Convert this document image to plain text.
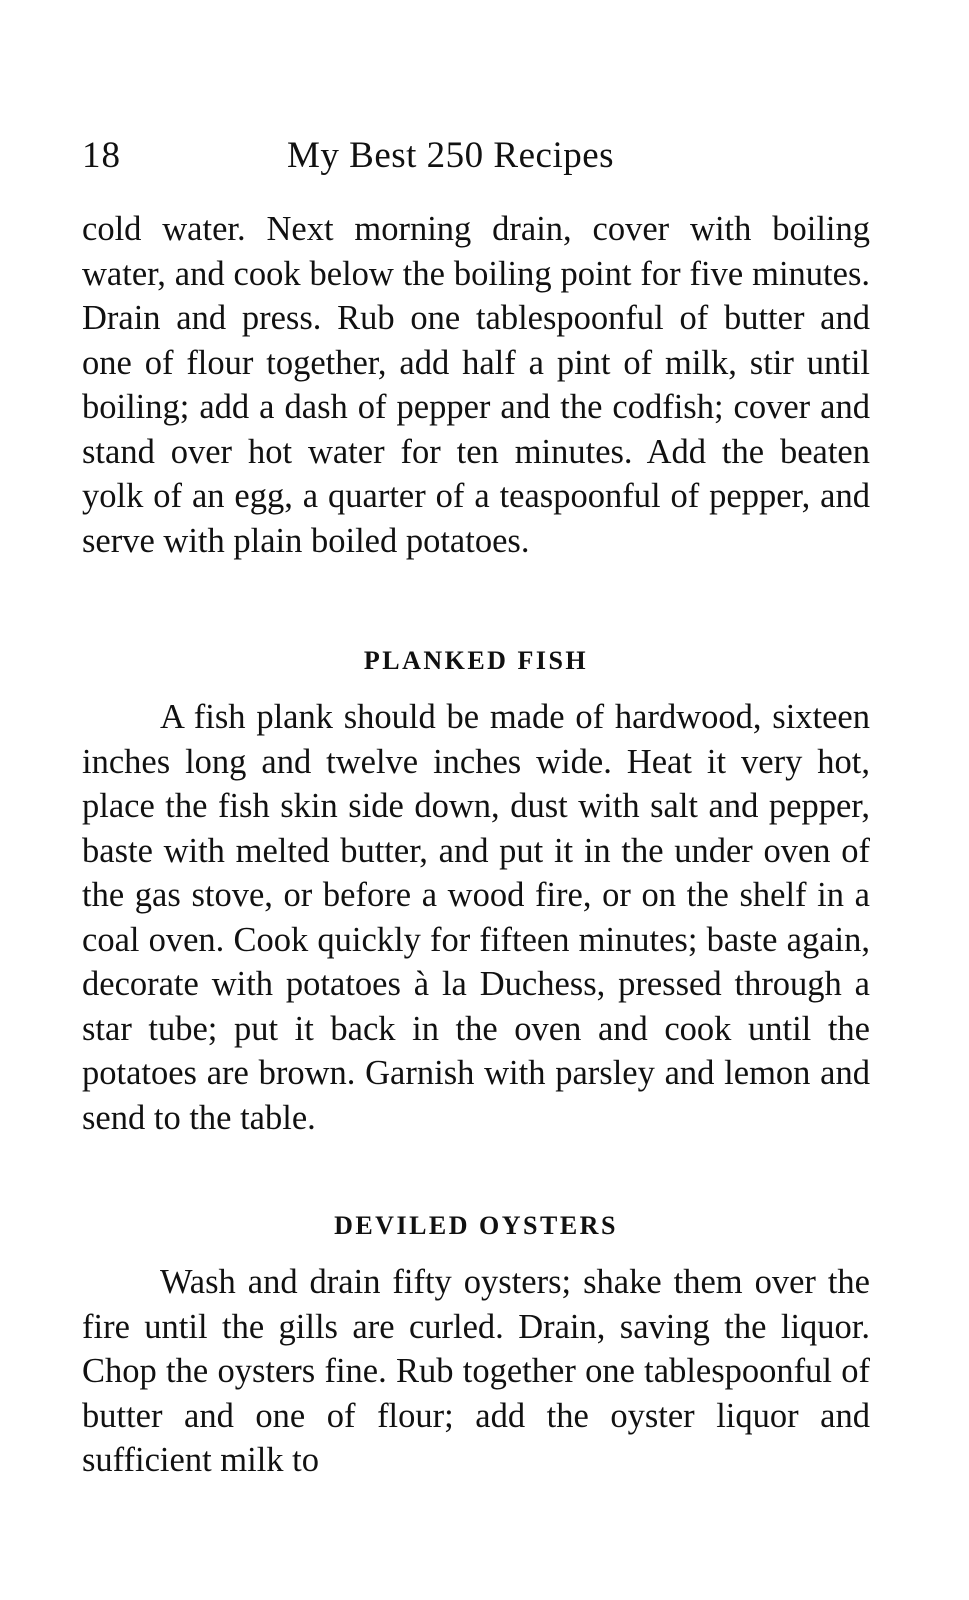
18	My Best 250 Recipes

cold water. Next morning drain, cover with boiling water, and cook below the boiling point for five minutes. Drain and press. Rub one tablespoonful of butter and one of flour together, add half a pint of milk, stir until boiling; add a dash of pepper and the codfish; cover and stand over hot water for ten minutes. Add the beaten yolk of an egg, a quarter of a teaspoonful of pepper, and serve with plain boiled potatoes.

PLANKED FISH

A fish plank should be made of hardwood, sixteen inches long and twelve inches wide. Heat it very hot, place the fish skin side down, dust with salt and pepper, baste with melted butter, and put it in the under oven of the gas stove, or before a wood fire, or on the shelf in a coal oven. Cook quickly for fifteen minutes; baste again, decorate with potatoes à la Duchess, pressed through a star tube; put it back in the oven and cook until the potatoes are brown. Garnish with parsley and lemon and send to the table.

DEVILED OYSTERS

Wash and drain fifty oysters; shake them over the fire until the gills are curled. Drain, saving the liquor. Chop the oysters fine. Rub together one tablespoonful of butter and one of flour; add the oyster liquor and sufficient milk to
